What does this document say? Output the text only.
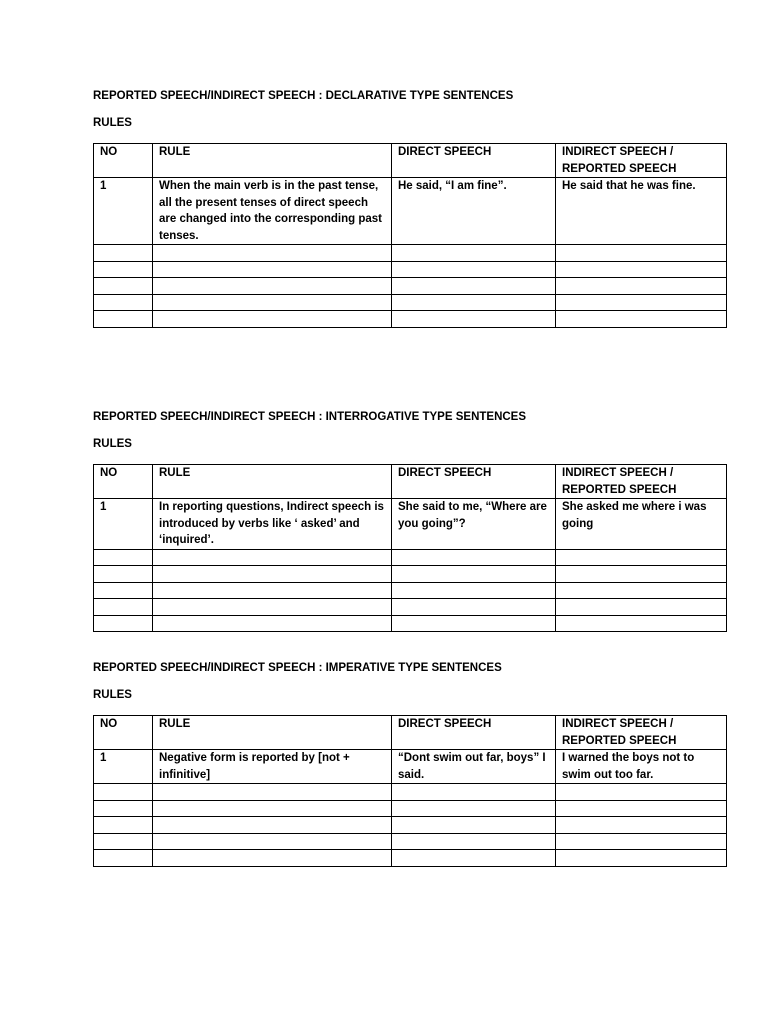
REPORTED SPEECH/INDIRECT SPEECH : DECLARATIVE TYPE SENTENCES
RULES
NO	RULE	DIRECT SPEECH	INDIRECT SPEECH / REPORTED SPEECH
1	When the main verb is in the past tense, all the present tenses of direct speech are changed into the corresponding past tenses.	He said, “I am fine”.	He said that he was fine.

REPORTED SPEECH/INDIRECT SPEECH : INTERROGATIVE TYPE SENTENCES
RULES
NO	RULE	DIRECT SPEECH	INDIRECT SPEECH / REPORTED SPEECH
1	In reporting questions, Indirect speech is introduced by verbs like ‘ asked’ and ‘inquired’.	She said to me, “Where are you going”?	She asked me where i was going

REPORTED SPEECH/INDIRECT SPEECH : IMPERATIVE TYPE SENTENCES
RULES
NO	RULE	DIRECT SPEECH	INDIRECT SPEECH / REPORTED SPEECH
1	Negative form is reported by [not + infinitive]	“Dont swim out far, boys” I said.	I warned the boys not to swim out too far.
